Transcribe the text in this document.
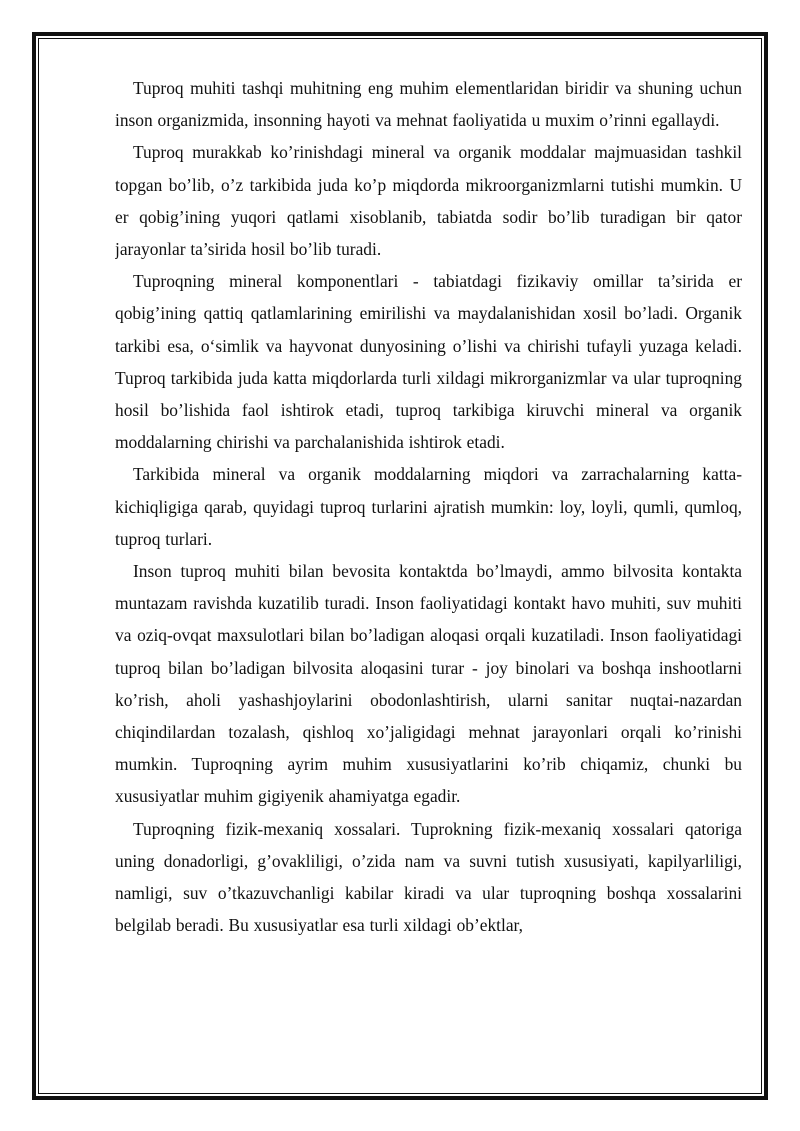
Tuproq muhiti tashqi muhitning eng muhim elementlaridan biridir va shuning uchun inson organizmida, insonning hayoti va mehnat faoliyatida u muxim o’rinni egallaydi.

Tuproq murakkab ko’rinishdagi mineral va organik moddalar majmuasidan tashkil topgan bo’lib, o’z tarkibida juda ko’p miqdorda mikroorganizmlarni tutishi mumkin. U er qobig’ining yuqori qatlami xisoblanib, tabiatda sodir bo’lib turadigan bir qator jarayonlar ta’sirida hosil bo’lib turadi.

Tuproqning mineral komponentlari - tabiatdagi fizikaviy omillar ta’sirida er qobig’ining qattiq qatlamlarining emirilishi va maydalanishidan xosil bo’ladi. Organik tarkibi esa, o‘simlik va hayvonat dunyosining o’lishi va chirishi tufayli yuzaga keladi. Tuproq tarkibida juda katta miqdorlarda turli xildagi mikrorganizmlar va ular tuproqning hosil bo’lishida faol ishtirok etadi, tuproq tarkibiga kiruvchi mineral va organik moddalarning chirishi va parchalanishida ishtirok etadi.

Tarkibida mineral va organik moddalarning miqdori va zarrachalarning katta-kichiqligiga qarab, quyidagi tuproq turlarini ajratish mumkin: loy, loyli, qumli, qumloq, tuproq turlari.

Inson tuproq muhiti bilan bevosita kontaktda bo’lmaydi, ammo bilvosita kontakta muntazam ravishda kuzatilib turadi. Inson faoliyatidagi kontakt havo muhiti, suv muhiti va oziq-ovqat maxsulotlari bilan bo’ladigan aloqasi orqali kuzatiladi. Inson faoliyatidagi tuproq bilan bo’ladigan bilvosita aloqasini turar - joy binolari va boshqa inshootlarni ko’rish, aholi yashashjoylarini obodonlashtirish, ularni sanitar nuqtai-nazardan chiqindilardan tozalash, qishloq xo’jaligidagi mehnat jarayonlari orqali ko’rinishi mumkin. Tuproqning ayrim muhim xususiyatlarini ko’rib chiqamiz, chunki bu xususiyatlar muhim gigiyenik ahamiyatga egadir.

Tuproqning fizik-mexaniq xossalari. Tuprokning fizik-mexaniq xossalari qatoriga uning donadorligi, g’ovakliligi, o’zida nam va suvni tutish xususiyati, kapilyarliligi, namligi, suv o’tkazuvchanligi kabilar kiradi va ular tuproqning boshqa xossalarini belgilab beradi. Bu xususiyatlar esa turli xildagi ob’ektlar,
